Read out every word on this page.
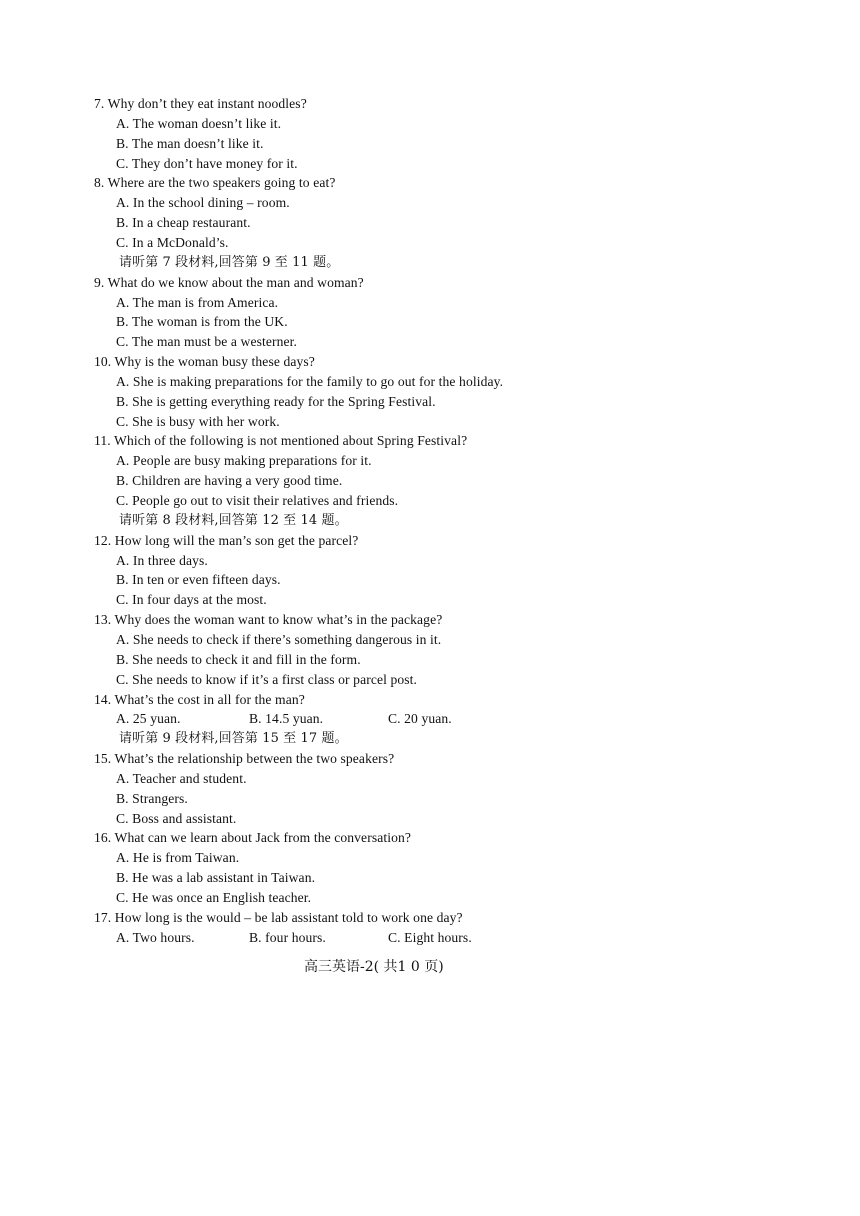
7. Why don’t they eat instant noodles?
A. The woman doesn’t like it.
B. The man doesn’t like it.
C. They don’t have money for it.
8. Where are the two speakers going to eat?
A. In the school dining – room.
B. In a cheap restaurant.
C. In a McDonald’s.
请听第 7 段材料,回答第 9 至 11 题。
9. What do we know about the man and woman?
A. The man is from America.
B. The woman is from the UK.
C. The man must be a westerner.
10. Why is the woman busy these days?
A. She is making preparations for the family to go out for the holiday.
B. She is getting everything ready for the Spring Festival.
C. She is busy with her work.
11. Which of the following is not mentioned about Spring Festival?
A. People are busy making preparations for it.
B. Children are having a very good time.
C. People go out to visit their relatives and friends.
请听第 8 段材料,回答第 12 至 14 题。
12. How long will the man’s son get the parcel?
A. In three days.
B. In ten or even fifteen days.
C. In four days at the most.
13. Why does the woman want to know what’s in the package?
A. She needs to check if there’s something dangerous in it.
B. She needs to check it and fill in the form.
C. She needs to know if it’s a first class or parcel post.
14. What’s the cost in all for the man?
A. 25 yuan.	B. 14.5 yuan.	C. 20 yuan.
请听第 9 段材料,回答第 15 至 17 题。
15. What’s the relationship between the two speakers?
A. Teacher and student.
B. Strangers.
C. Boss and assistant.
16. What can we learn about Jack from the conversation?
A. He is from Taiwan.
B. He was a lab assistant in Taiwan.
C. He was once an English teacher.
17. How long is the would – be lab assistant told to work one day?
A. Two hours.	B. four hours.	C. Eight hours.
高三英语-2( 共1 0 页)
